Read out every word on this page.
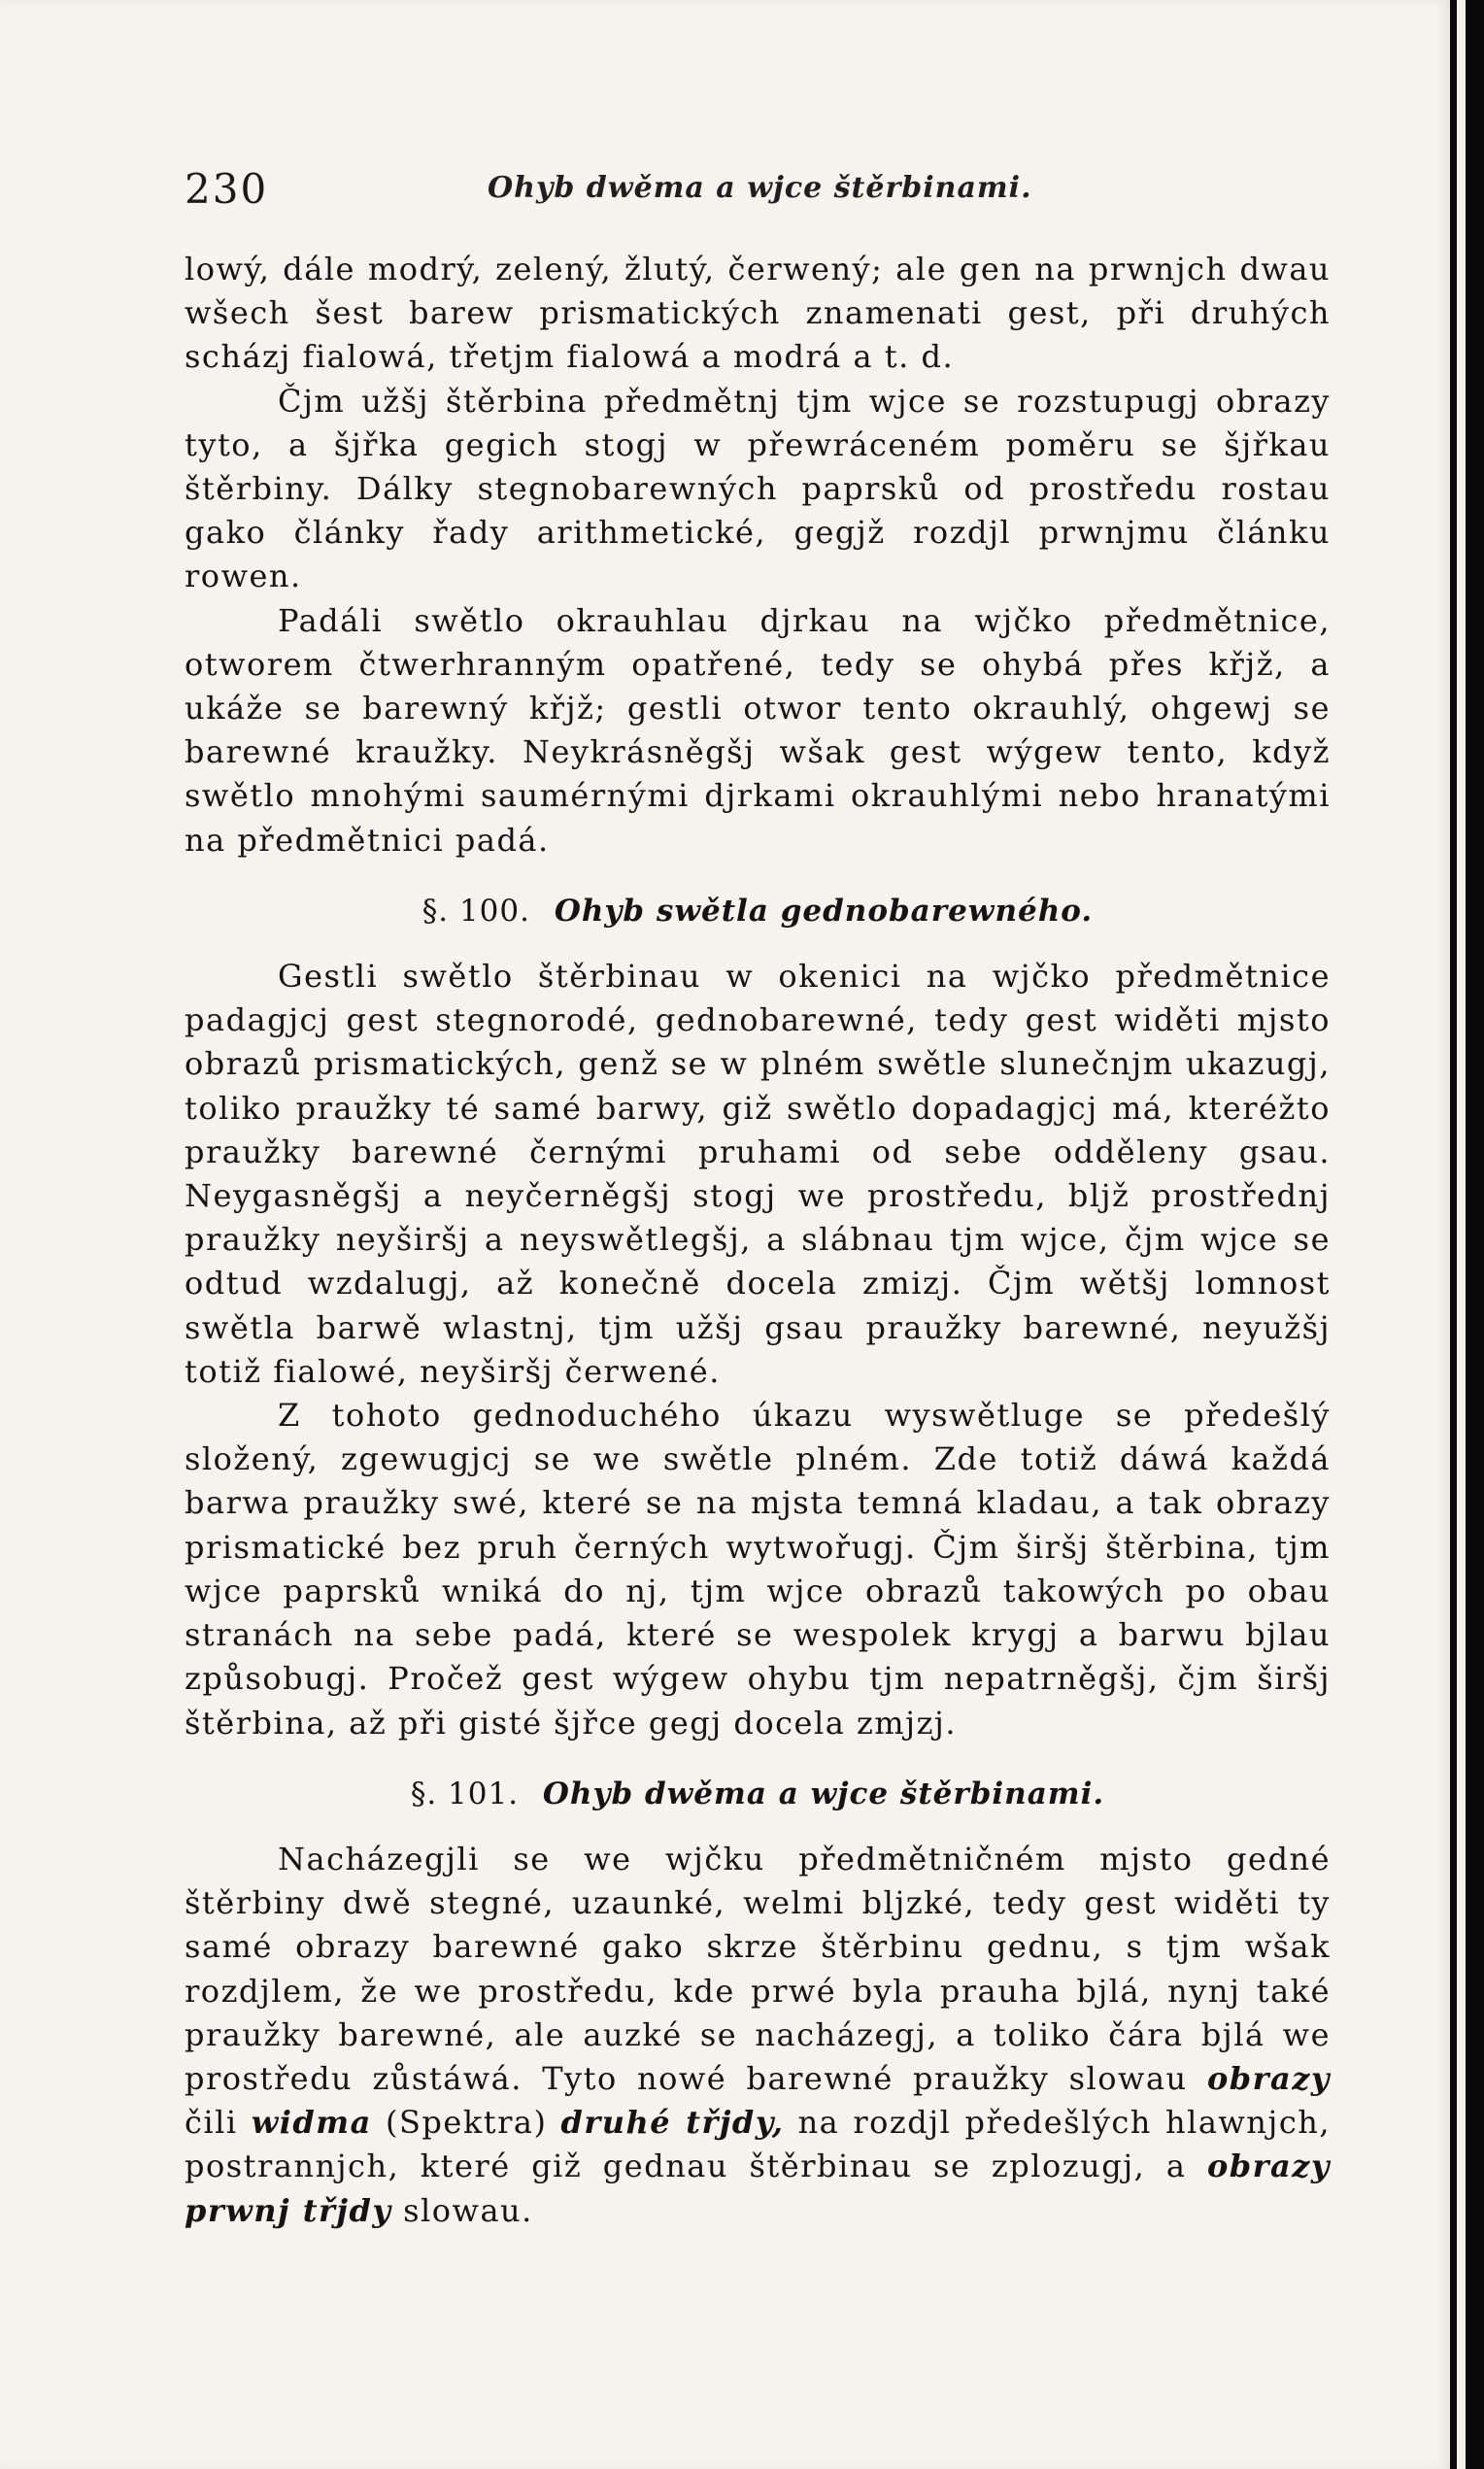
230	Ohyb dwěma a wjce štěrbinami.

lowý, dále modrý, zelený, žlutý, čerwený; ale gen na prwnjch dwau wšech šest barew prismatických znamenati gest, při druhých scházj fialowá, třetjm fialowá a modrá a t. d.

Čjm užšj štěrbina předmětnj tjm wjce se rozstupugj obrazy tyto, a šjřka gegich stogj w přewráceném poměru se šjřkau štěrbiny. Dálky stegnobarewných paprsků od prostředu rostau gako články řady arithmetické, gegjž rozdjl prwnjmu článku rowen.

Padáli swětlo okrauhlau djrkau na wjčko předmětnice, otworem čtwerhranným opatřené, tedy se ohybá přes křjž, a ukáže se barewný křjž; gestli otwor tento okrauhlý, ohgewj se barewné kraužky. Neykrásněgšj wšak gest wýgew tento, když swětlo mnohými saumérnými djrkami okrauhlými nebo hranatými na předmětnici padá.

§. 100. Ohyb swětla gednobarewného.

Gestli swětlo štěrbinau w okenici na wjčko předmětnice padagjcj gest stegnorodé, gednobarewné, tedy gest widěti mjsto obrazů prismatických, genž se w plném swětle slunečnjm ukazugj, toliko praužky té samé barwy, giž swětlo dopadagjcj má, kteréžto praužky barewné černými pruhami od sebe odděleny gsau. Neygasněgšj a neyčerněgšj stogj we prostředu, bljž prostřednj praužky neyširšj a neyswětlegšj, a slábnau tjm wjce, čjm wjce se odtud wzdalugj, až konečně docela zmizj. Čjm wětšj lomnost swětla barwě wlastnj, tjm užšj gsau praužky barewné, neyužšj totiž fialowé, neyširšj čerwené.

Z tohoto gednoduchého úkazu wyswětluge se předešlý složený, zgewugjcj se we swětle plném. Zde totiž dáwá každá barwa praužky swé, které se na mjsta temná kladau, a tak obrazy prismatické bez pruh černých wytwořugj. Čjm širšj štěrbina, tjm wjce paprsků wniká do nj, tjm wjce obrazů takowých po obau stranách na sebe padá, které se wespolek krygj a barwu bjlau způsobugj. Pročež gest wýgew ohybu tjm nepatrněgšj, čjm širšj štěrbina, až při gisté šjřce gegj docela zmjzj.

§. 101. Ohyb dwěma a wjce štěrbinami.

Nacházegjli se we wjčku předmětničném mjsto gedné štěrbiny dwě stegné, uzaunké, welmi bljzké, tedy gest widěti ty samé obrazy barewné gako skrze štěrbinu gednu, s tjm wšak rozdjlem, že we prostředu, kde prwé byla prauha bjlá, nynj také praužky barewné, ale auzké se nacházegj, a toliko čára bjlá we prostředu zůstáwá. Tyto nowé barewné praužky slowau obrazy čili widma (Spektra) druhé třjdy, na rozdjl předešlých hlawnjch, postrannjch, které giž gednau štěrbinau se zplozugj, a obrazy prwnj třjdy slowau.
